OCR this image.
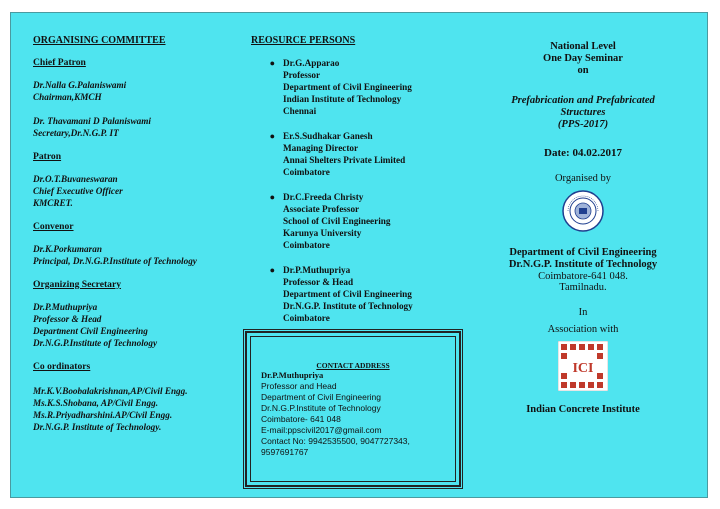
ORGANISING COMMITTEE

Chief Patron

Dr.Nalla G.Palaniswami

Chairman,KMCH

Dr. Thavamani D Palaniswami

Secretary,Dr.N.G.P. IT

Patron

Dr.O.T.Buvaneswaran

Chief Executive Officer

KMCRET.

Convenor

Dr.K.Porkumaran

Principal, Dr.N.G.P.Institute of Technology

Organizing Secretary

Dr.P.Muthupriya

Professor & Head

Department Civil Engineering

Dr.N.G.P.Institute of Technology

Co ordinators

Mr.K.V.Boobalakrishnan,AP/Civil Engg.

Ms.K.S.Shobana, AP/Civil Engg.

Ms.R.Priyadharshini.AP/Civil Engg.

Dr.N.G.P. Institute of Technology.

REOSURCE PERSONS
● Dr.G.Apparao

Professor

Department of Civil Engineering

Indian Institute of Technology

Chennai

● Er.S.Sudhakar Ganesh

Managing Director

Annai Shelters Private Limited

Coimbatore

● Dr.C.Freeda Christy

Associate Professor

School of Civil Engineering

Karunya University

Coimbatore

● Dr.P.Muthupriya

Professor & Head

Department of Civil Engineering

Dr.N.G.P. Institute of Technology

Coimbatore

CONTACT ADDRESS
Dr.P.Muthupriya
Professor and Head
Department of Civil Engineering
Dr.N.G.P.Institute of Technology
Coimbatore- 641 048
E-mail:ppscivil2017@gmail.com
Contact No: 9942535500, 9047727343, 9597691767

National Level

One Day Seminar

on

Prefabrication and Prefabricated

Structures

(PPS-2017)

Date: 04.02.2017

Organised by

Department of Civil Engineering

Dr.N.G.P. Institute of Technology

Coimbatore-641 048.

Tamilnadu.

In

Association with

ICI

Indian Concrete Institute
